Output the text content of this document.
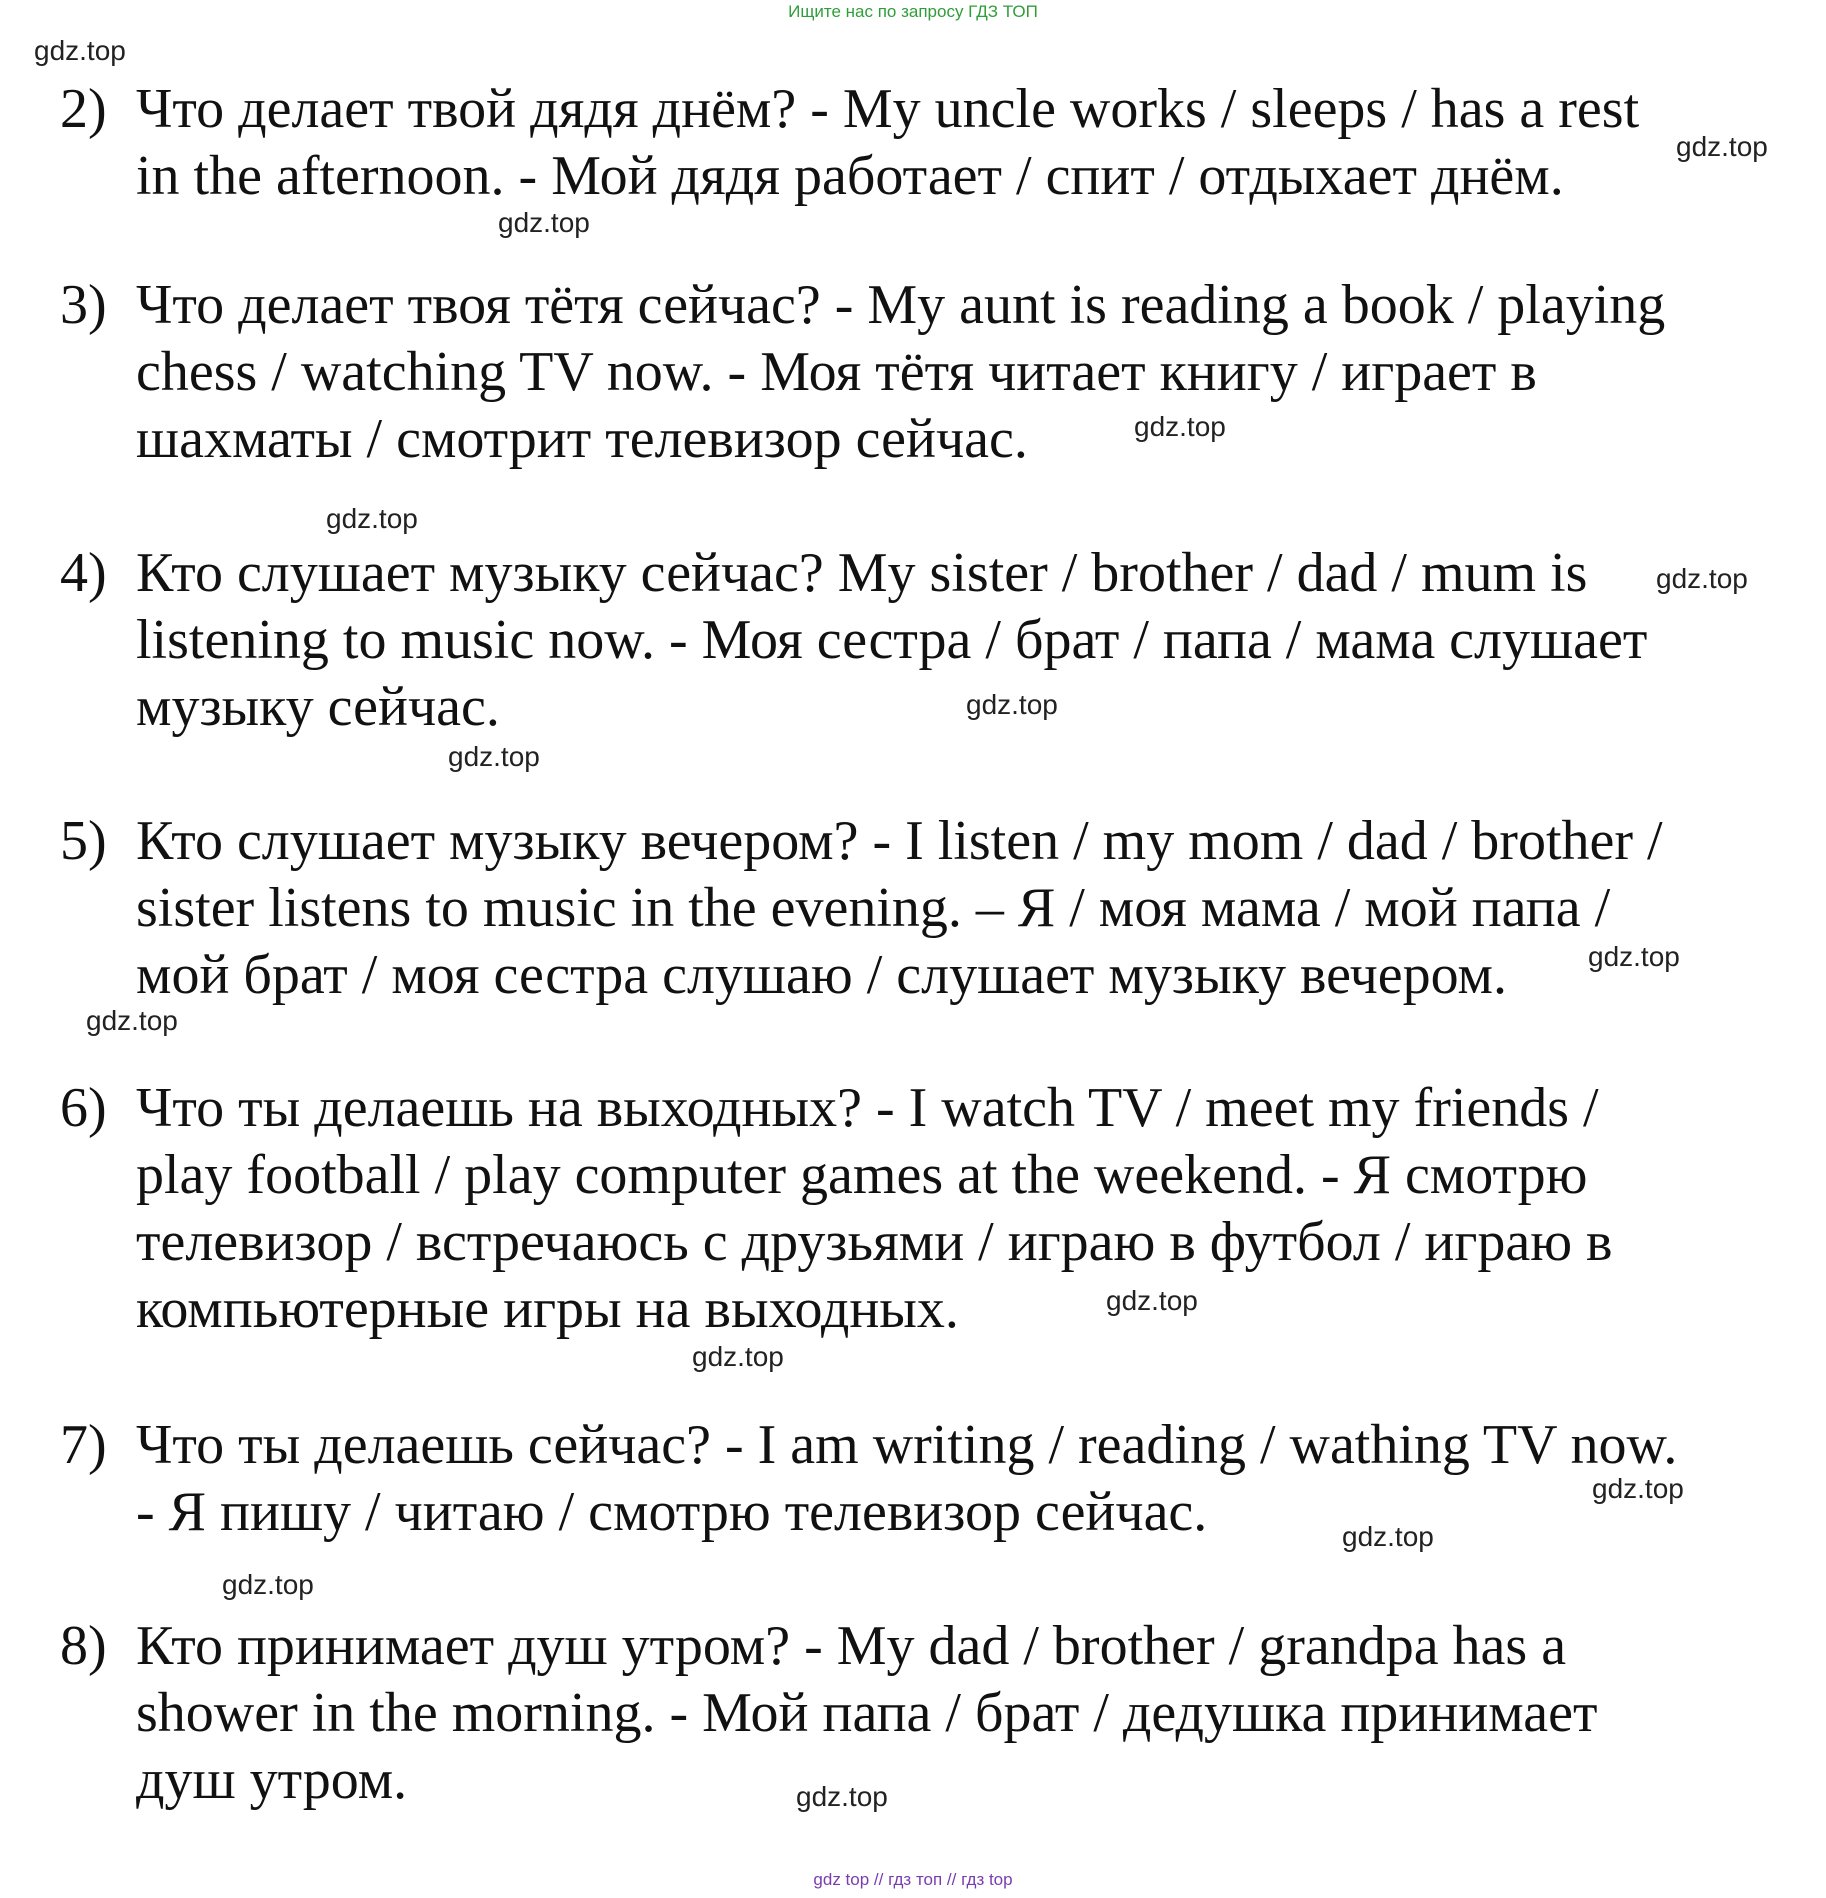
Ищите нас по запросу ГДЗ ТОП
2) Что делает твой дядя днём? - My uncle works / sleeps / has a rest
in the afternoon. - Мой дядя работает / спит / отдыхает днём.
3) Что делает твоя тётя сейчас? - My aunt is reading a book / playing
chess / watching TV now. - Моя тётя читает книгу / играет в
шахматы / смотрит телевизор сейчас.
4) Кто слушает музыку сейчас? My sister / brother / dad / mum is
listening to music now. - Моя сестра / брат / папа / мама слушает
музыку сейчас.
5) Кто слушает музыку вечером? - I listen / my mom / dad / brother /
sister listens to music in the evening. – Я / моя мама / мой папа /
мой брат / моя сестра слушаю / слушает музыку вечером.
6) Что ты делаешь на выходных? - I watch TV / meet my friends /
play football / play computer games at the weekend. - Я смотрю
телевизор / встречаюсь с друзьями / играю в футбол / играю в
компьютерные игры на выходных.
7) Что ты делаешь сейчас? - I am writing / reading / wathing TV now.
- Я пишу / читаю / смотрю телевизор сейчас.
8) Кто принимает душ утром? - My dad / brother / grandpa has a
shower in the morning. - Мой папа / брат / дедушка принимает
душ утром.
gdz.top
gdz.top
gdz.top
gdz.top
gdz.top
gdz.top
gdz.top
gdz.top
gdz.top
gdz.top
gdz.top
gdz.top
gdz.top
gdz.top
gdz.top
gdz.top
gdz top // гдз топ // гдз top
